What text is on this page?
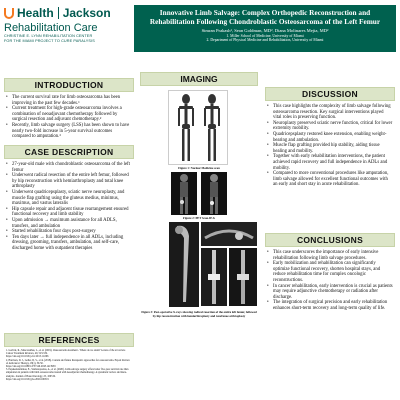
Health Jackson
Rehabilitation Care
CHRISTINE E. LYNN REHABILITATION CENTER
FOR THE MIAMI PROJECT TO CURE PARALYSIS
Innovative Limb Salvage: Complex Orthopedic Reconstruction and Rehabilitation Following Chondroblastic Osteosarcoma of the Left Femur
Simran Prakash¹, Sean Goldman, MD², Diana Molinares Mejia, MD²
1. Miller School of Medicine, University of Miami
2. Department of Physical Medicine and Rehabilitation, University of Miami
INTRODUCTION
• The current survival rate for limb osteosarcoma has been improving in the past few decades.¹
• Current treatment for high-grade osteosarcoma involves a combination of neoadjuvant chemotherapy followed by surgical resection and adjuvant chemotherapy.²
• Recently, limb salvage surgery (LSS) has been shown to have nearly two-fold increase in 5-year survival outcomes compared to amputation.³
CASE DESCRIPTION
• 27-year-old male with chondroblastic osteosarcoma of the left femur
• Underwent radical resection of the entire left femur, followed by hip reconstruction with hemiarthroplasty and total knee arthroplasty
• Underwent quadricepsplasty, sciatic nerve neuroplasty, and muscle flap grafting using the gluteus medius, minimus, maximus, and vastus lateralis
• Hip capsule repair and adjacent tissue rearrangement ensured functional recovery and limb stability
• Upon admission → maximum assistance for all ADLS, transfers, and ambulation
• Started rehabilitation four days post-surgery
• Ten days later → full independence in all ADLs, including dressing, grooming, transfers, ambulation, and self-care, discharged home with outpatient therapies
REFERENCES
1. Gorlick, R., Mascarenhas, L., et al. (2019). Osteosarcoma treatment - Where do we stand? A state of the art review. Cancer Treatment Reviews, 40, 523-532.
https://doi.org/10.1016/j.ctrv.2013.11.006
2. Harrison, D. J., Geller, D. S., et al. (2018). Current and future therapeutic approaches for osteosarcoma. Expert Review of Anticancer Therapy, 18(1), 39-50.
https://doi.org/10.1080/14737140.2018.1413939
3. Papakonstantinou, E., Stamatopoulos, A., et al. (2020). Limb-salvage surgery offers better five-year survival rate than amputation in patients with limb osteosarcoma treated with neoadjuvant chemotherapy. A systematic review and meta-analysis. Journal of Bone Oncology, 25, 100319.
https://doi.org/10.1016/j.jbo.2020.100319
IMAGING
Figure 1: Nuclear Medicine scan
Figure 2: PET Scan-IEJs
Figure 3: Post-operative X-rays showing radical resection of the entire left femur, followed by hip reconstruction with hemiarthroplasty and total knee arthroplasty
DISCUSSION
• This case highlights the complexity of limb salvage following osteosarcoma resection. Key surgical interventions played vital roles in preserving function.
• Neuroplasty preserved sciatic nerve function, critical for lower extremity mobility.
• Quadricepsplasty restored knee extension, enabling weight-bearing and ambulation.
• Muscle flap grafting provided hip stability, aiding tissue healing and mobility.
• Together with early rehabilitation interventions, the patient achieved rapid recovery and full independence in ADLs and mobility.
• Compared to more conventional procedures like amputation, limb salvage allowed for excellent functional outcomes with an early and short stay in acute rehabilitation.
CONCLUSIONS
• This case underscores the importance of early intensive rehabilitation following limb salvage procedures.
• Early mobilization and rehabilitation can significantly optimize functional recovery, shorten hospital stays, and reduce rehabilitation time for complex oncologic reconstructions.
• In cancer rehabilitation, early intervention is crucial as patients may require adjunctive chemotherapy or radiation after discharge.
• The integration of surgical precision and early rehabilitation enhances short-term recovery and long-term quality of life.
